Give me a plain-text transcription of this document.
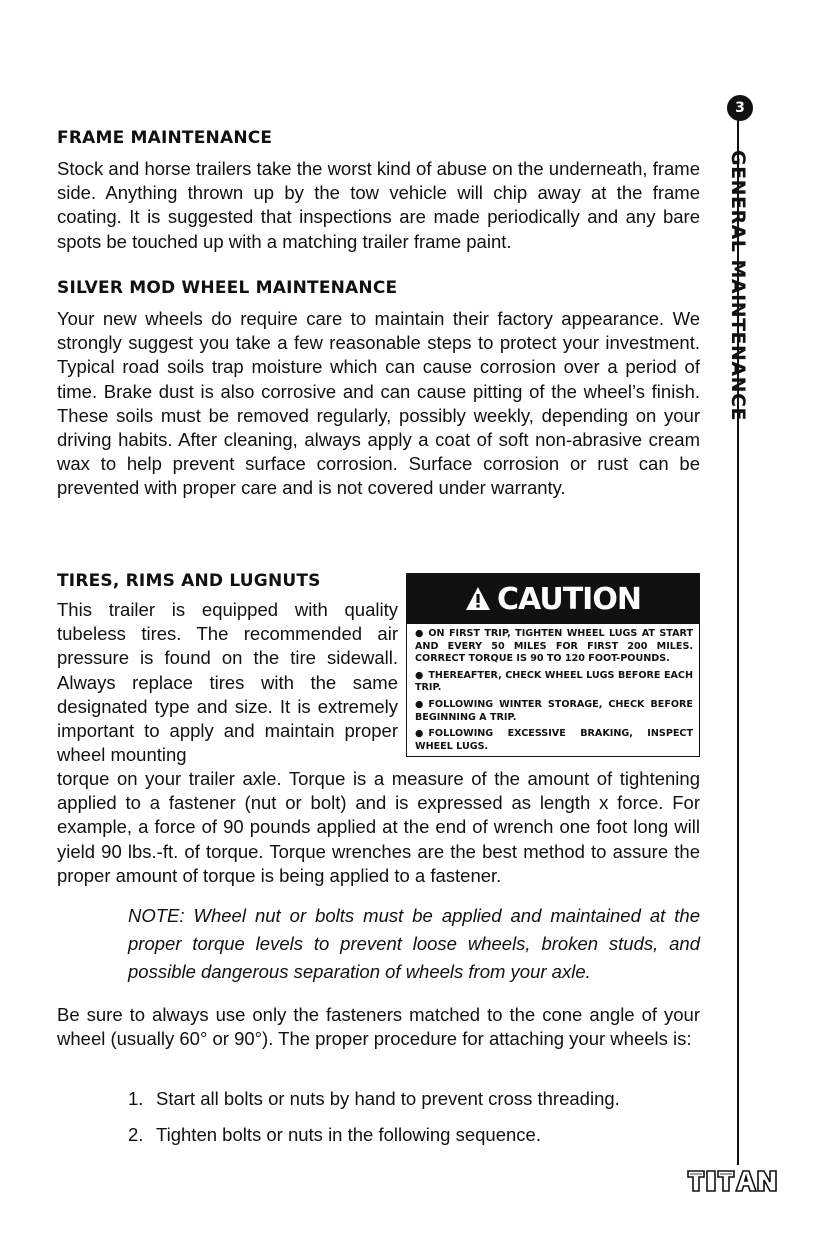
3
GENERAL MAINTENANCE
FRAME MAINTENANCE

Stock and horse trailers take the worst kind of abuse on the underneath, frame side. Anything thrown up by the tow vehicle will chip away at the frame coating. It is suggested that inspections are made periodically and any bare spots be touched up with a matching trailer frame paint.

SILVER MOD WHEEL MAINTENANCE

Your new wheels do require care to maintain their factory appearance. We strongly suggest you take a few reasonable steps to protect your investment. Typical road soils trap moisture which can cause corrosion over a period of time. Brake dust is also corrosive and can cause pitting of the wheel’s finish. These soils must be removed regularly, possibly weekly, depending on your driving habits. After cleaning, always apply a coat of soft non-abrasive cream wax to help prevent surface corrosion. Surface corrosion or rust can be prevented with proper care and is not covered under warranty.

TIRES, RIMS AND LUGNUTS

This trailer is equipped with quality tubeless tires. The recommended air pressure is found on the tire sidewall. Always replace tires with the same designated type and size. It is extremely important to apply and maintain proper wheel mounting

CAUTION
● ON FIRST TRIP, TIGHTEN WHEEL LUGS AT START AND EVERY 50 MILES FOR FIRST 200 MILES. CORRECT TORQUE IS 90 TO 120 FOOT-POUNDS.
● THEREAFTER, CHECK WHEEL LUGS BEFORE EACH TRIP.
● FOLLOWING WINTER STORAGE, CHECK BEFORE BEGINNING A TRIP.
● FOLLOWING EXCESSIVE BRAKING, INSPECT WHEEL LUGS.

torque on your trailer axle. Torque is a measure of the amount of tightening applied to a fastener (nut or bolt) and is expressed as length x force. For example, a force of 90 pounds applied at the end of wrench one foot long will yield 90 lbs.-ft. of torque. Torque wrenches are the best method to assure the proper amount of torque is being applied to a fastener.

NOTE: Wheel nut or bolts must be applied and maintained at the proper torque levels to prevent loose wheels, broken studs, and possible dangerous separation of wheels from your axle.

Be sure to always use only the fasteners matched to the cone angle of your wheel (usually 60° or 90°). The proper procedure for attaching your wheels is:

1. Start all bolts or nuts by hand to prevent cross threading.

2. Tighten bolts or nuts in the following sequence.
